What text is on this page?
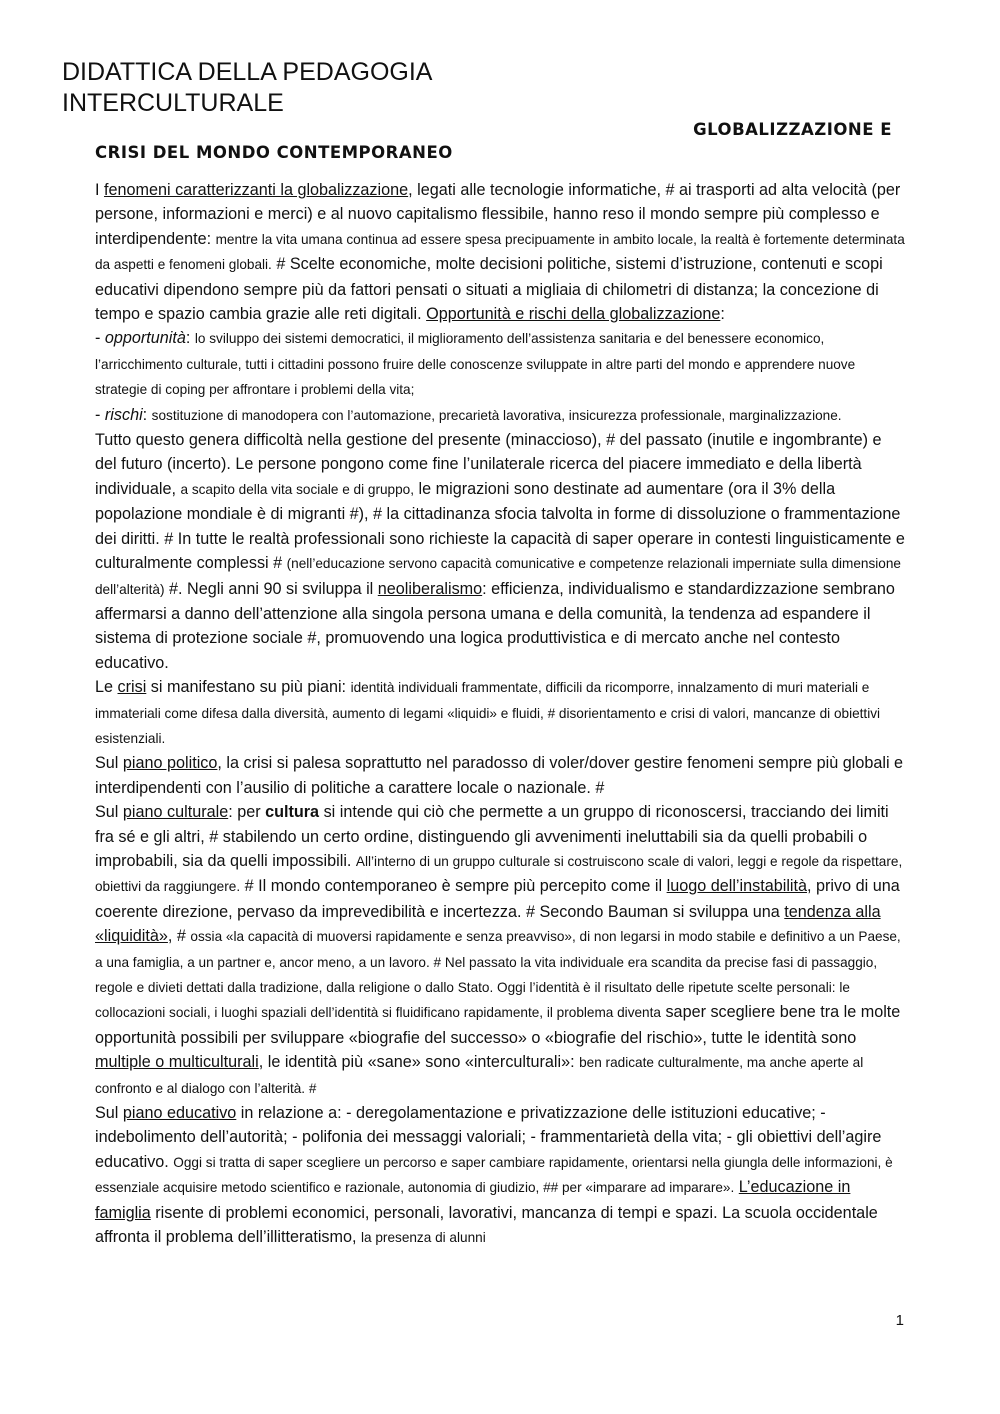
DIDATTICA DELLA PEDAGOGIA INTERCULTURALE
GLOBALIZZAZIONE E
CRISI DEL MONDO CONTEMPORANEO

I fenomeni caratterizzanti la globalizzazione, legati alle tecnologie informatiche, # ai trasporti ad alta velocità (per persone, informazioni e merci) e al nuovo capitalismo flessibile, hanno reso il mondo sempre più complesso e interdipendente: mentre la vita umana continua ad essere spesa precipuamente in ambito locale, la realtà è fortemente determinata da aspetti e fenomeni globali. # Scelte economiche, molte decisioni politiche, sistemi d’istruzione, contenuti e scopi educativi dipendono sempre più da fattori pensati o situati a migliaia di chilometri di distanza; la concezione di tempo e spazio cambia grazie alle reti digitali. Opportunità e rischi della globalizzazione:

- opportunità: lo sviluppo dei sistemi democratici, il miglioramento dell’assistenza sanitaria e del benessere economico, l’arricchimento culturale, tutti i cittadini possono fruire delle conoscenze sviluppate in altre parti del mondo e apprendere nuove strategie di coping per affrontare i problemi della vita;

- rischi: sostituzione di manodopera con l’automazione, precarietà lavorativa, insicurezza professionale, marginalizzazione.

Tutto questo genera difficoltà nella gestione del presente (minaccioso), # del passato (inutile e ingombrante) e del futuro (incerto). Le persone pongono come fine l’unilaterale ricerca del piacere immediato e della libertà individuale, a scapito della vita sociale e di gruppo, le migrazioni sono destinate ad aumentare (ora il 3% della popolazione mondiale è di migranti #), # la cittadinanza sfocia talvolta in forme di dissoluzione o frammentazione dei diritti. # In tutte le realtà professionali sono richieste la capacità di saper operare in contesti linguisticamente e culturalmente complessi # (nell’educazione servono capacità comunicative e competenze relazionali imperniate sulla dimensione dell’alterità) #. Negli anni 90 si sviluppa il neoliberalismo: efficienza, individualismo e standardizzazione sembrano affermarsi a danno dell’attenzione alla singola persona umana e della comunità, la tendenza ad espandere il sistema di protezione sociale #, promuovendo una logica produttivistica e di mercato anche nel contesto educativo.

Le crisi si manifestano su più piani: identità individuali frammentate, difficili da ricomporre, innalzamento di muri materiali e immateriali come difesa dalla diversità, aumento di legami «liquidi» e fluidi, # disorientamento e crisi di valori, mancanze di obiettivi esistenziali.

Sul piano politico, la crisi si palesa soprattutto nel paradosso di voler/dover gestire fenomeni sempre più globali e interdipendenti con l’ausilio di politiche a carattere locale o nazionale. #

Sul piano culturale: per cultura si intende qui ciò che permette a un gruppo di riconoscersi, tracciando dei limiti fra sé e gli altri, # stabilendo un certo ordine, distinguendo gli avvenimenti ineluttabili sia da quelli probabili o improbabili, sia da quelli impossibili. All’interno di un gruppo culturale si costruiscono scale di valori, leggi e regole da rispettare, obiettivi da raggiungere. # Il mondo contemporaneo è sempre più percepito come il luogo dell’instabilità, privo di una coerente direzione, pervaso da imprevedibilità e incertezza. # Secondo Bauman si sviluppa una tendenza alla «liquidità», # ossia «la capacità di muoversi rapidamente e senza preavviso», di non legarsi in modo stabile e definitivo a un Paese, a una famiglia, a un partner e, ancor meno, a un lavoro. # Nel passato la vita individuale era scandita da precise fasi di passaggio, regole e divieti dettati dalla tradizione, dalla religione o dallo Stato. Oggi l’identità è il risultato delle ripetute scelte personali: le collocazioni sociali, i luoghi spaziali dell’identità si fluidificano rapidamente, il problema diventa saper scegliere bene tra le molte opportunità possibili per sviluppare «biografie del successo» o «biografie del rischio», tutte le identità sono multiple o multiculturali, le identità più «sane» sono «interculturali»: ben radicate culturalmente, ma anche aperte al confronto e al dialogo con l’alterità. #

Sul piano educativo in relazione a: - deregolamentazione e privatizzazione delle istituzioni educative; - indebolimento dell’autorità; - polifonia dei messaggi valoriali; - frammentarietà della vita; - gli obiettivi dell’agire educativo. Oggi si tratta di saper scegliere un percorso e saper cambiare rapidamente, orientarsi nella giungla delle informazioni, è essenziale acquisire metodo scientifico e razionale, autonomia di giudizio, ## per «imparare ad imparare». L’educazione in famiglia risente di problemi economici, personali, lavorativi, mancanza di tempi e spazi. La scuola occidentale affronta il problema dell’illitteratismo, la presenza di alunni

1
